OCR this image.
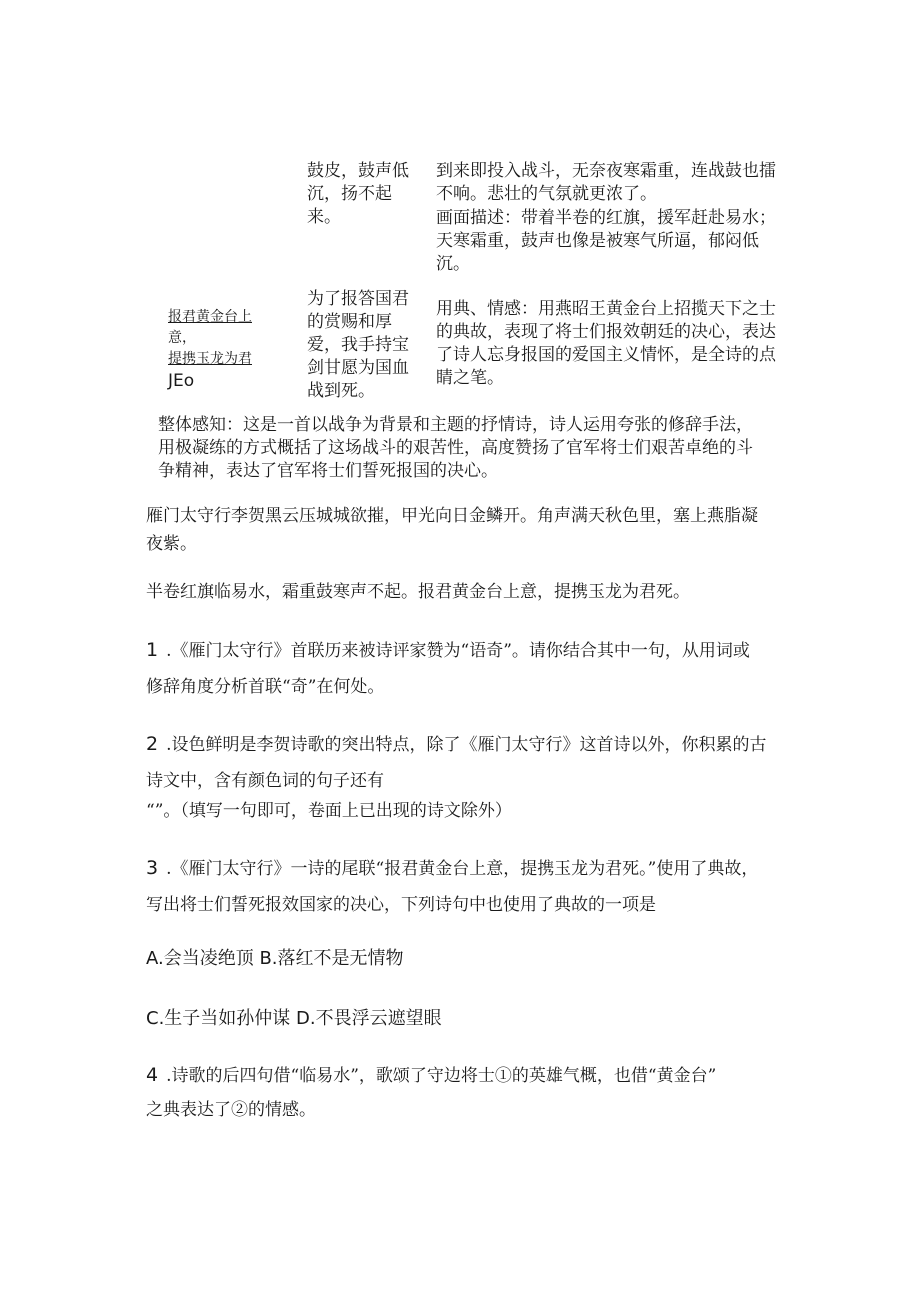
鼓皮，鼓声低
沉，扬不起
来。
到来即投入战斗，无奈夜寒霜重，连战鼓也擂
不响。悲壮的气氛就更浓了。
画面描述：带着半卷的红旗，援军赶赴易水；
天寒霜重，鼓声也像是被寒气所逼，郁闷低
沉。
报君黄金台上
意，
提携玉龙为君
JEo
为了报答国君
的赏赐和厚
爱，我手持宝
剑甘愿为国血
战到死。
用典、情感：用燕昭王黄金台上招揽天下之士
的典故，表现了将士们报效朝廷的决心，表达
了诗人忘身报国的爱国主义情怀，是全诗的点
睛之笔。
整体感知：这是一首以战争为背景和主题的抒情诗，诗人运用夸张的修辞手法，
用极凝练的方式概括了这场战斗的艰苦性，高度赞扬了官军将士们艰苦卓绝的斗
争精神，表达了官军将士们誓死报国的决心。
雁门太守行李贺黑云压城城欲摧，甲光向日金鳞开。角声满天秋色里，塞上燕脂凝
夜紫。
半卷红旗临易水，霜重鼓寒声不起。报君黄金台上意，提携玉龙为君死。
1 .《雁门太守行》首联历来被诗评家赞为“语奇”。请你结合其中一句，从用词或
修辞角度分析首联“奇”在何处。
2 .设色鲜明是李贺诗歌的突出特点，除了《雁门太守行》这首诗以外，你积累的古
诗文中，含有颜色词的句子还有
“”。（填写一句即可，卷面上已出现的诗文除外）
3 .《雁门太守行》一诗的尾联“报君黄金台上意，提携玉龙为君死。”使用了典故，
写出将士们誓死报效国家的决心，下列诗句中也使用了典故的一项是
A.会当凌绝顶 B.落红不是无情物
C.生子当如孙仲谋 D.不畏浮云遮望眼
4 .诗歌的后四句借“临易水”，歌颂了守边将士①的英雄气概，也借“黄金台”
之典表达了②的情感。
